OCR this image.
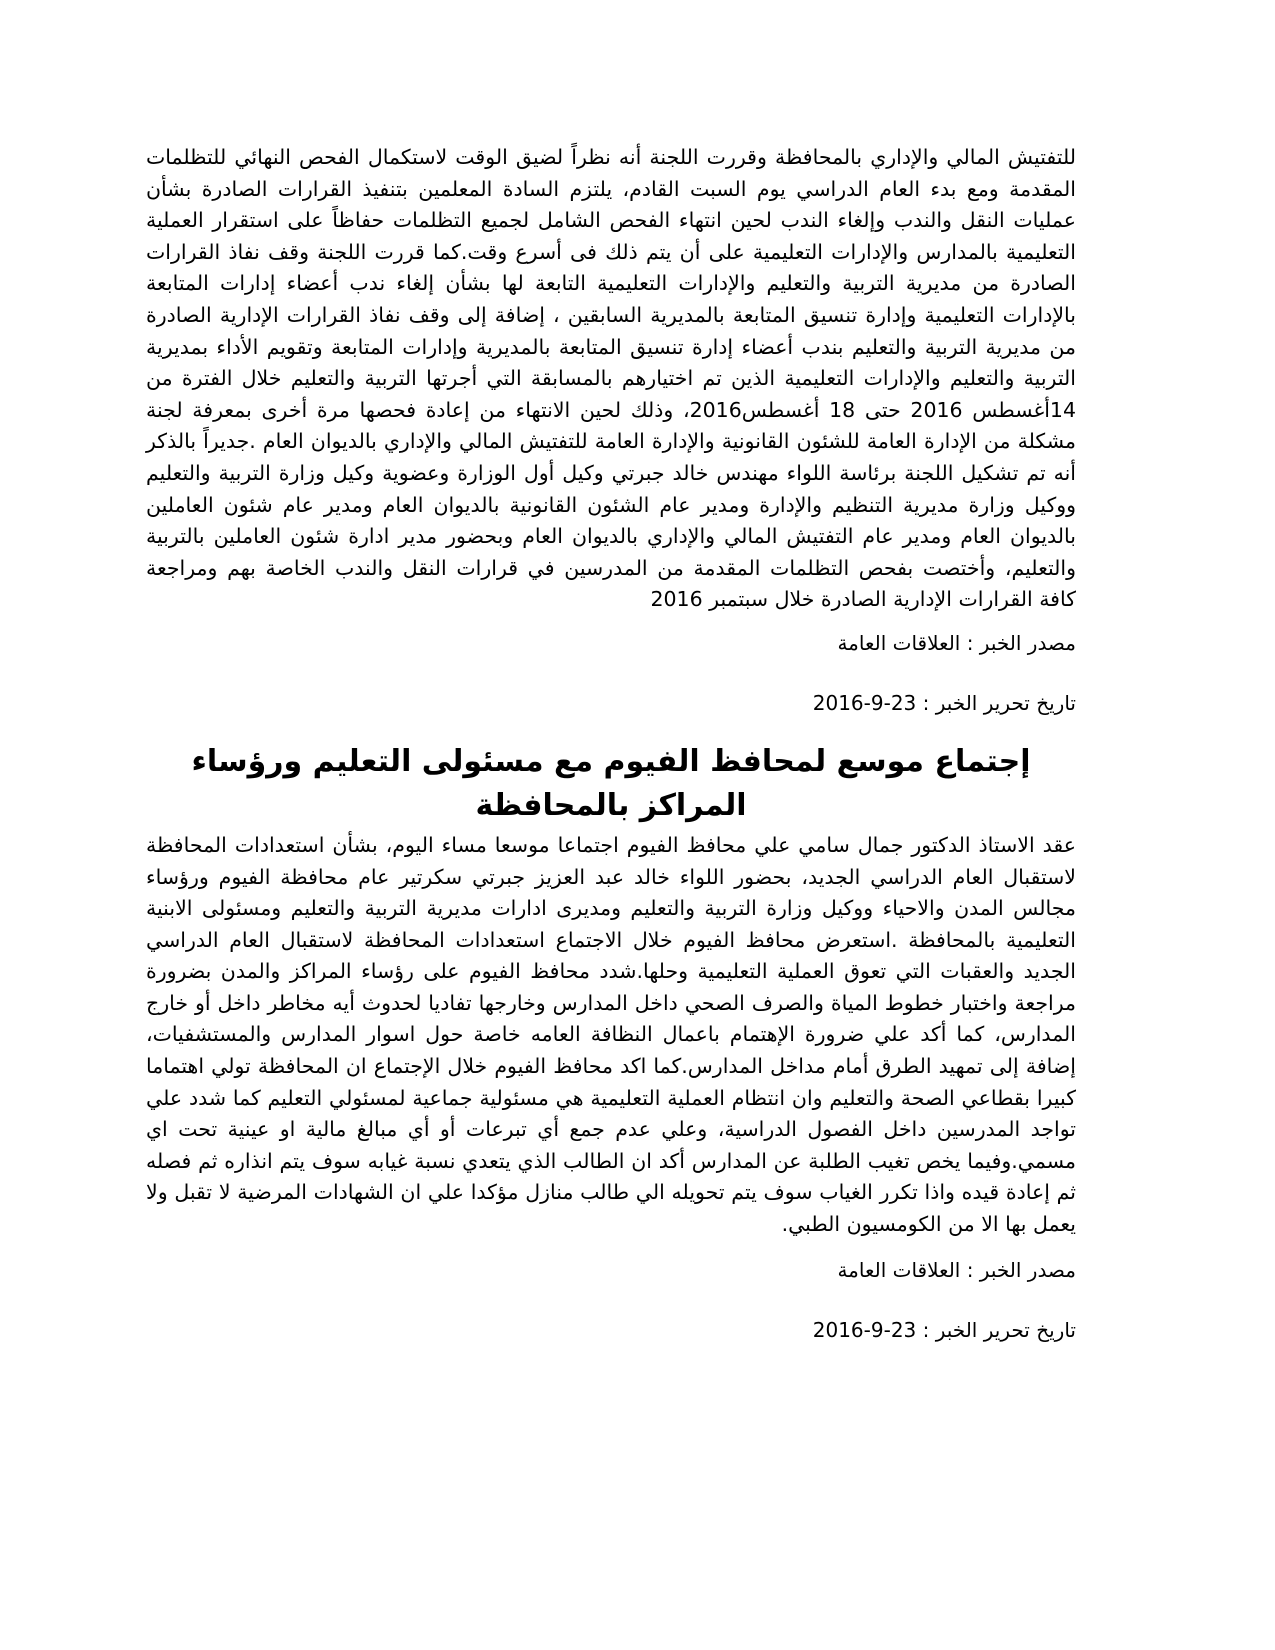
للتفتيش المالي والإداري بالمحافظة وقررت اللجنة أنه نظراً لضيق الوقت لاستكمال الفحص النهائي للتظلمات المقدمة ومع بدء العام الدراسي يوم السبت القادم، يلتزم السادة المعلمين بتنفيذ القرارات الصادرة بشأن عمليات النقل والندب وإلغاء الندب لحين انتهاء الفحص الشامل لجميع التظلمات حفاظاً على استقرار العملية التعليمية بالمدارس والإدارات التعليمية على أن يتم ذلك فى أسرع وقت.كما قررت اللجنة وقف نفاذ القرارات الصادرة من مديرية التربية والتعليم والإدارات التعليمية التابعة لها بشأن إلغاء ندب أعضاء إدارات المتابعة بالإدارات التعليمية وإدارة تنسيق المتابعة بالمديرية السابقين ، إضافة إلى وقف نفاذ القرارات الإدارية الصادرة من مديرية التربية والتعليم بندب أعضاء إدارة تنسيق المتابعة بالمديرية وإدارات المتابعة وتقويم الأداء بمديرية التربية والتعليم والإدارات التعليمية الذين تم اختيارهم بالمسابقة التي أجرتها التربية والتعليم خلال الفترة من 14أغسطس 2016 حتى 18 أغسطس2016، وذلك لحين الانتهاء من إعادة فحصها مرة أخرى بمعرفة لجنة مشكلة من الإدارة العامة للشئون القانونية والإدارة العامة للتفتيش المالي والإداري بالديوان العام .جديراً بالذكر أنه تم تشكيل اللجنة برئاسة اللواء مهندس خالد جبرتي وكيل أول الوزارة وعضوية وكيل وزارة التربية والتعليم ووكيل وزارة مديرية التنظيم والإدارة ومدير عام الشئون القانونية بالديوان العام ومدير عام شئون العاملين بالديوان العام ومدير عام التفتيش المالي والإداري بالديوان العام وبحضور مدير ادارة شئون العاملين بالتربية والتعليم، وأختصت بفحص التظلمات المقدمة من المدرسين في قرارات النقل والندب الخاصة بهم ومراجعة كافة القرارات الإدارية الصادرة خلال سبتمبر 2016

مصدر الخبر : العلاقات العامة

تاريخ تحرير الخبر : 23-9-2016

إجتماع موسع لمحافظ الفيوم مع مسئولى التعليم ورؤساء المراكز بالمحافظة

عقد الاستاذ الدكتور جمال سامي علي محافظ الفيوم اجتماعا موسعا مساء اليوم، بشأن استعدادات المحافظة لاستقبال العام الدراسي الجديد، بحضور اللواء خالد عبد العزيز جبرتي سكرتير عام محافظة الفيوم ورؤساء مجالس المدن والاحياء ووكيل وزارة التربية والتعليم ومديرى ادارات مديرية التربية والتعليم ومسئولى الابنية التعليمية بالمحافظة .استعرض محافظ الفيوم خلال الاجتماع استعدادات المحافظة لاستقبال العام الدراسي الجديد والعقبات التي تعوق العملية التعليمية وحلها.شدد محافظ الفيوم على رؤساء المراكز والمدن بضرورة مراجعة واختبار خطوط المياة والصرف الصحي داخل المدارس وخارجها تفاديا لحدوث أيه مخاطر داخل أو خارج المدارس، كما أكد علي ضرورة الإهتمام باعمال النظافة العامه خاصة حول اسوار المدارس والمستشفيات، إضافة إلى تمهيد الطرق أمام مداخل المدارس.كما اكد محافظ الفيوم خلال الإجتماع ان المحافظة تولي اهتماما كبيرا بقطاعي الصحة والتعليم وان انتظام العملية التعليمية هي مسئولية جماعية لمسئولي التعليم كما شدد علي تواجد المدرسين داخل الفصول الدراسية، وعلي عدم جمع أي تبرعات أو أي مبالغ مالية او عينية تحت اي مسمي.وفيما يخص تغيب الطلبة عن المدارس أكد ان الطالب الذي يتعدي نسبة غيابه سوف يتم انذاره ثم فصله ثم إعادة قيده واذا تكرر الغياب سوف يتم تحويله الي طالب منازل مؤكدا علي ان الشهادات المرضية لا تقبل ولا يعمل بها الا من الكومسيون الطبي.

مصدر الخبر : العلاقات العامة

تاريخ تحرير الخبر : 23-9-2016
